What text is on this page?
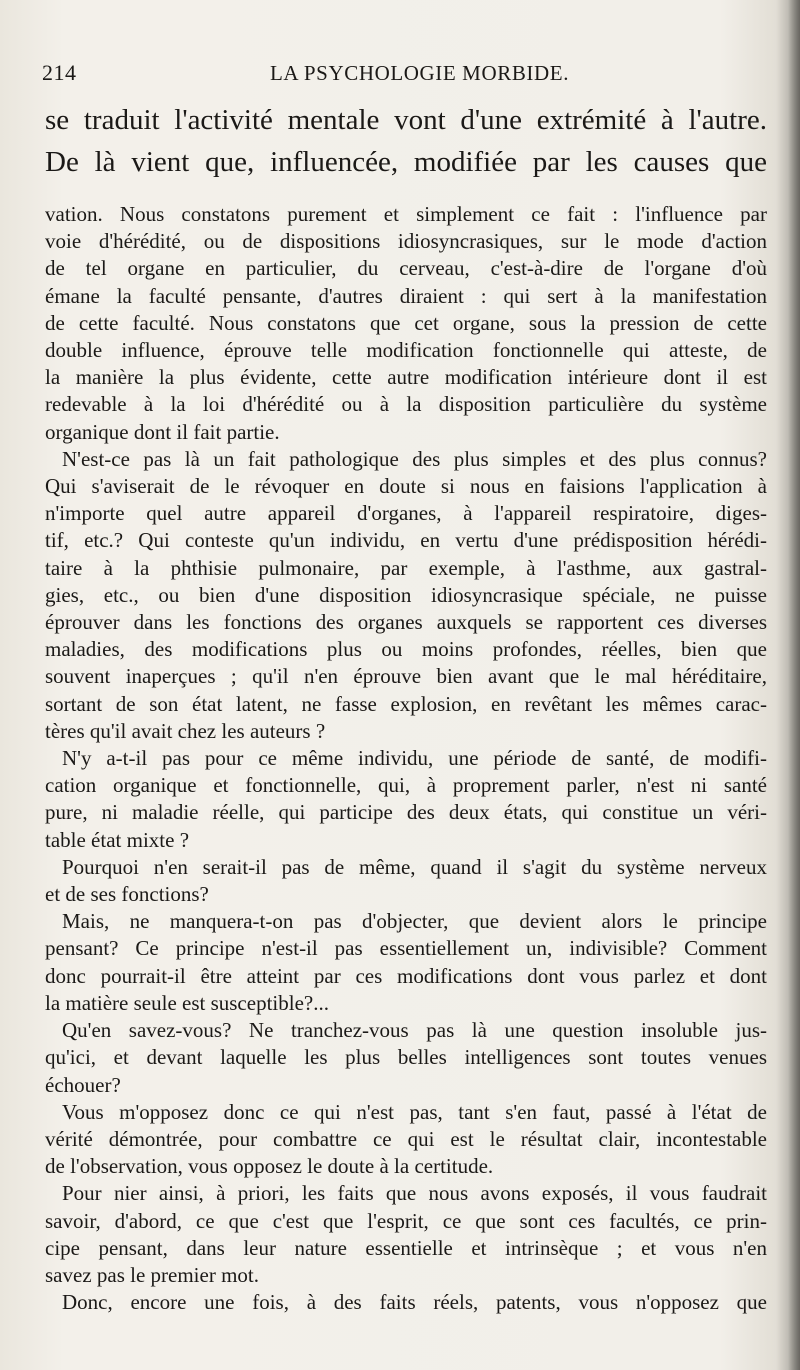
214	LA PSYCHOLOGIE MORBIDE.
se traduit l'activité mentale vont d'une extrémité à l'autre.
De là vient que, influencée, modifiée par les causes que
vation. Nous constatons purement et simplement ce fait : l'influence par
voie d'hérédité, ou de dispositions idiosyncrasiques, sur le mode d'action
de tel organe en particulier, du cerveau, c'est-à-dire de l'organe d'où
émane la faculté pensante, d'autres diraient : qui sert à la manifestation
de cette faculté. Nous constatons que cet organe, sous la pression de cette
double influence, éprouve telle modification fonctionnelle qui atteste, de
la manière la plus évidente, cette autre modification intérieure dont il est
redevable à la loi d'hérédité ou à la disposition particulière du système
organique dont il fait partie.
N'est-ce pas là un fait pathologique des plus simples et des plus connus?
Qui s'aviserait de le révoquer en doute si nous en faisions l'application à
n'importe quel autre appareil d'organes, à l'appareil respiratoire, diges-
tif, etc.? Qui conteste qu'un individu, en vertu d'une prédisposition hérédi-
taire à la phthisie pulmonaire, par exemple, à l'asthme, aux gastral-
gies, etc., ou bien d'une disposition idiosyncrasique spéciale, ne puisse
éprouver dans les fonctions des organes auxquels se rapportent ces diverses
maladies, des modifications plus ou moins profondes, réelles, bien que
souvent inaperçues ; qu'il n'en éprouve bien avant que le mal héréditaire,
sortant de son état latent, ne fasse explosion, en revêtant les mêmes carac-
tères qu'il avait chez les auteurs ?
N'y a-t-il pas pour ce même individu, une période de santé, de modifi-
cation organique et fonctionnelle, qui, à proprement parler, n'est ni santé
pure, ni maladie réelle, qui participe des deux états, qui constitue un véri-
table état mixte ?
Pourquoi n'en serait-il pas de même, quand il s'agit du système nerveux
et de ses fonctions?
Mais, ne manquera-t-on pas d'objecter, que devient alors le principe
pensant? Ce principe n'est-il pas essentiellement un, indivisible? Comment
donc pourrait-il être atteint par ces modifications dont vous parlez et dont
la matière seule est susceptible?...
Qu'en savez-vous? Ne tranchez-vous pas là une question insoluble jus-
qu'ici, et devant laquelle les plus belles intelligences sont toutes venues
échouer?
Vous m'opposez donc ce qui n'est pas, tant s'en faut, passé à l'état de
vérité démontrée, pour combattre ce qui est le résultat clair, incontestable
de l'observation, vous opposez le doute à la certitude.
Pour nier ainsi, à priori, les faits que nous avons exposés, il vous faudrait
savoir, d'abord, ce que c'est que l'esprit, ce que sont ces facultés, ce prin-
cipe pensant, dans leur nature essentielle et intrinsèque ; et vous n'en
savez pas le premier mot.
Donc, encore une fois, à des faits réels, patents, vous n'opposez que
